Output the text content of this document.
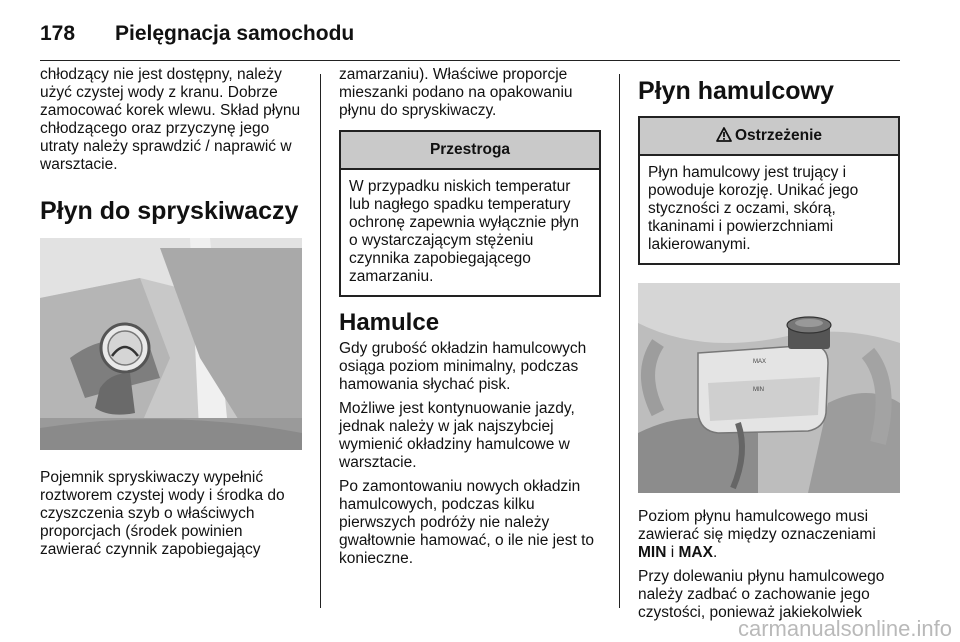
178 Pielęgnacja samochodu

chłodzący nie jest dostępny, należy użyć czystej wody z kranu. Dobrze zamocować korek wlewu. Skład płynu chłodzącego oraz przyczynę jego utraty należy sprawdzić / naprawić w warsztacie.

Płyn do spryskiwaczy

Pojemnik spryskiwaczy wypełnić roztworem czystej wody i środka do czyszczenia szyb o właściwych proporcjach (środek powinien zawierać czynnik zapobiegający

zamarzaniu). Właściwe proporcje mieszanki podano na opakowaniu płynu do spryskiwaczy.

Przestroga
W przypadku niskich temperatur lub nagłego spadku temperatury ochronę zapewnia wyłącznie płyn o wystarczającym stężeniu czynnika zapobiegającego zamarzaniu.
Hamulce

Gdy grubość okładzin hamulcowych osiąga poziom minimalny, podczas hamowania słychać pisk.

Możliwe jest kontynuowanie jazdy, jednak należy w jak najszybciej wymienić okładziny hamulcowe w warsztacie.

Po zamontowaniu nowych okładzin hamulcowych, podczas kilku pierwszych podróży nie należy gwałtownie hamować, o ile nie jest to konieczne.

Płyn hamulcowy
Ostrzeżenie
Płyn hamulcowy jest trujący i powoduje korozję. Unikać jego styczności z oczami, skórą, tkaninami i powierzchniami lakierowanymi.
MAX
MIN

Poziom płynu hamulcowego musi zawierać się między oznaczeniami MIN i MAX.

Przy dolewaniu płynu hamulcowego należy zadbać o zachowanie jego czystości, ponieważ jakiekolwiek

carmanualsonline.info
